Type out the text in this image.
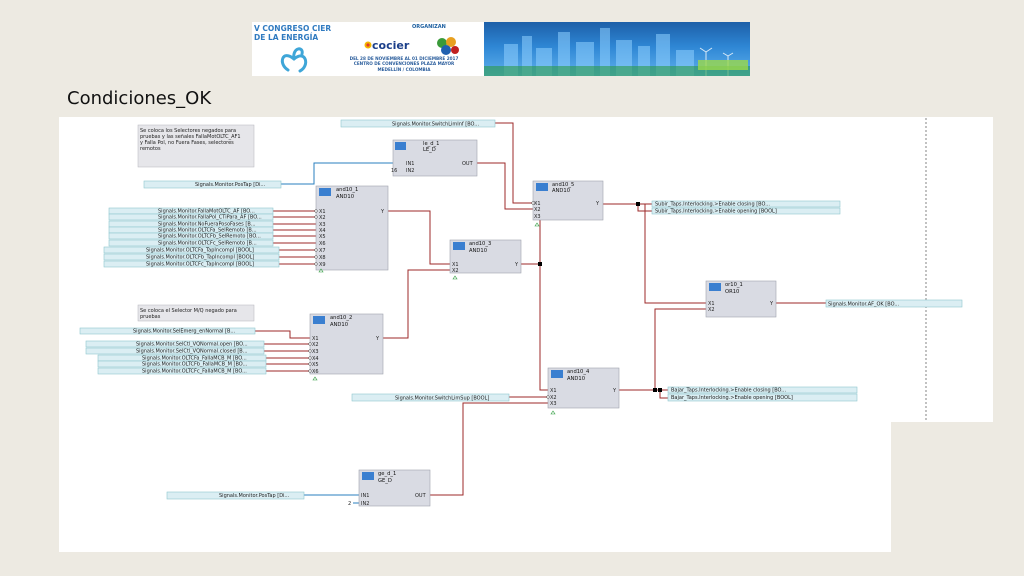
V CONGRESO CIER DE LA ENERGÍA
ORGANIZAN
cocier
DEL 28 DE NOVIEMBRE AL 01 DICIEMBRE 2017
CENTRO DE CONVENCIONES PLAZA MAYOR
MEDELLÍN / COLOMBIA
Condiciones_OK
Se coloca los Selectores negados para
pruebas y las señales FallaMotOLTC_AF1
y Falla Pol, no Fuera Fases, selectores
remotos
Se coloca el Selector M/Q negado para
pruebas
Signals.Monitor.SwitchLimInf [BO...
Signals.Monitor.PosTap [Di...
Signals.Monitor.FallaMotOLTC_AF [BO...
Signals.Monitor.FallaPol_CTiPara_AF [BO...
Signals.Monitor.NoFueraPosoFases [B...
Signals.Monitor.OLTCFa_SelRemoto [B...
Signals.Monitor.OLTCFb_SelRemoto [BO...
Signals.Monitor.OLTCFc_SelRemoto [B...
Signals.Monitor.OLTCFa_TapIncompl [BOOL]
Signals.Monitor.OLTCFb_TapIncompl [BOOL]
Signals.Monitor.OLTCFc_TapIncompl [BOOL]
Signals.Monitor.SelEmerg_enNormal [B...
Signals.Monitor.SelCtl_VQNormal.open [BO...
Signals.Monitor.SelCtl_VQNormal.closed [B...
Signals.Monitor.OLTCFa_FallaMCB_M [BO...
Signals.Monitor.OLTCFb_FallaMCB_M [BO...
Signals.Monitor.OLTCFc_FallaMCB_M [BO...
Signals.Monitor.SwitchLimSup [BOOL]
Signals.Monitor.PosTap [Di...
Subir_Taps.Interlocking.>Enable closing [BO...
Subir_Taps.Interlocking.>Enable opening [BOOL]
Signals.Monitor.AF_OK [BO...
Bajar_Taps.Interlocking.>Enable closing [BO...
Bajar_Taps.Interlocking.>Enable opening [BOOL]
le_d_1
LE_D
IN1
IN2
OUT
16
and10_1
AND10
X1
X2
X3
X4
X5
X6
X7
X8
X9
Y
and10_5
AND10
X1
X2
X3
Y
and10_3
AND10
X1
X2
Y
or10_1
OR10
X1
X2
Y
and10_2
AND10
X1
X2
X3
X4
X5
X6
Y
and10_4
AND10
X1
X2
X3
Y
ge_d_1
GE_D
IN1
IN2
OUT
2
